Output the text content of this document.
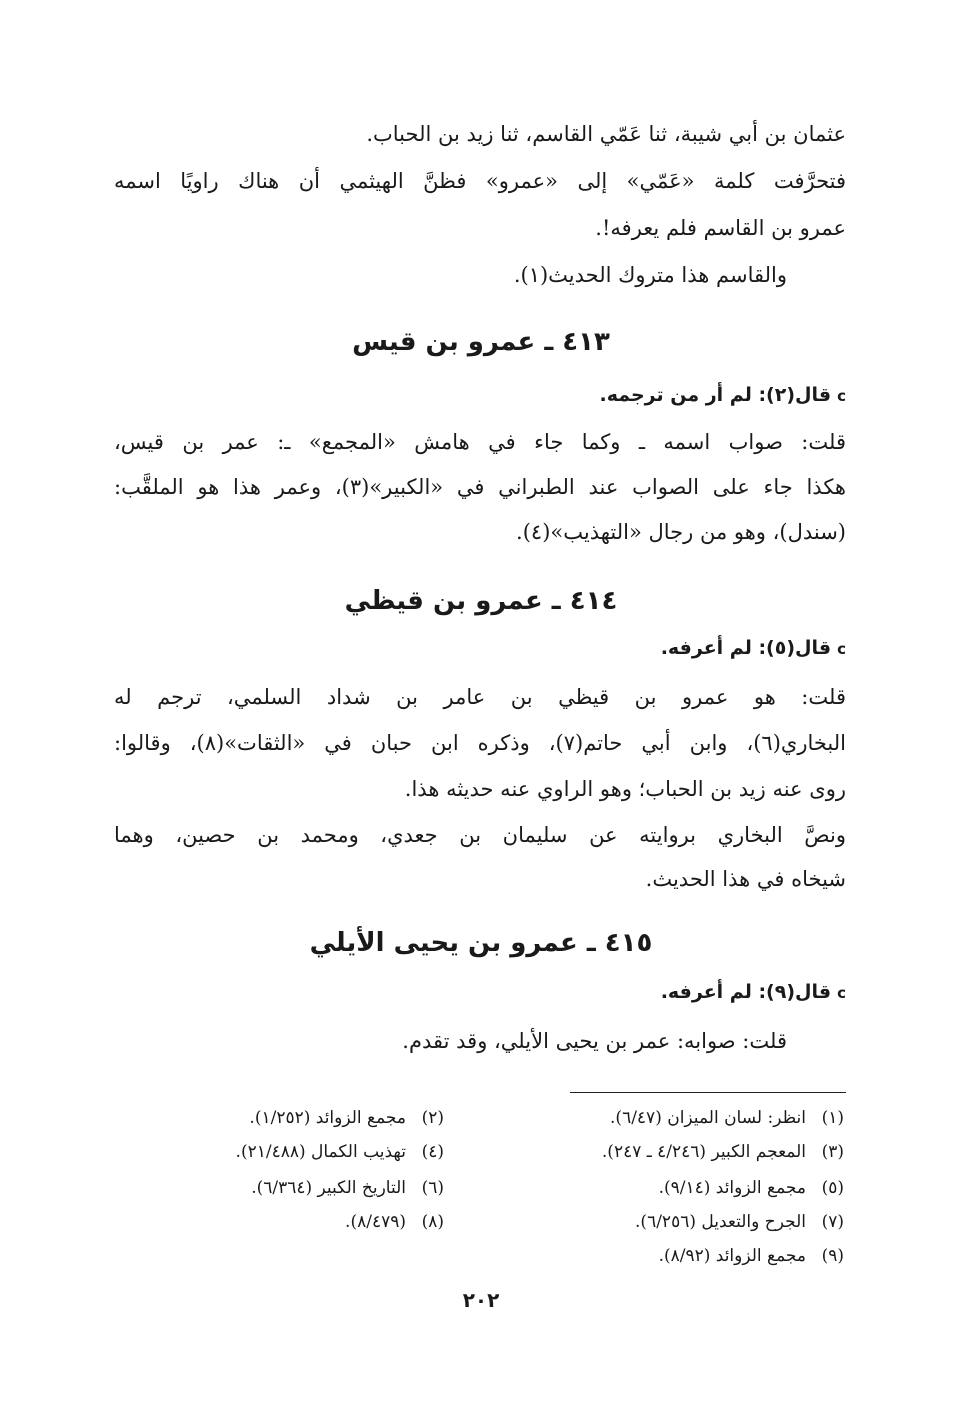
عثمان بن أبي شيبة، ثنا عَمّي القاسم، ثنا زيد بن الحباب.
فتحرَّفت كلمة «عَمّي» إلى «عمرو» فظنَّ الهيثمي أن هناك راويًا اسمه
عمرو بن القاسم فلم يعرفه!.
والقاسم هذا متروك الحديث(١).
٤١٣ ـ عمرو بن قيس
cقال(٢): لم أر من ترجمه.
قلت: صواب اسمه ـ وكما جاء في هامش «المجمع» ـ: عمر بن قيس،
هكذا جاء على الصواب عند الطبراني في «الكبير»(٣)، وعمر هذا هو الملقَّب:
(سندل)، وهو من رجال «التهذيب»(٤).
٤١٤ ـ عمرو بن قيظي
cقال(٥): لم أعرفه.
قلت: هو عمرو بن قيظي بن عامر بن شداد السلمي، ترجم له
البخاري(٦)، وابن أبي حاتم(٧)، وذكره ابن حبان في «الثقات»(٨)، وقالوا:
روى عنه زيد بن الحباب؛ وهو الراوي عنه حديثه هذا.
ونصَّ البخاري بروايته عن سليمان بن جعدي، ومحمد بن حصين، وهما
شيخاه في هذا الحديث.
٤١٥ ـ عمرو بن يحيى الأيلي
cقال(٩): لم أعرفه.
قلت: صوابه: عمر بن يحيى الأيلي، وقد تقدم.
(١)انظر: لسان الميزان (٦/٤٧).
(٣)المعجم الكبير (٤/٢٤٦ ـ ٢٤٧).
(٥)مجمع الزوائد (٩/١٤).
(٧)الجرح والتعديل (٦/٢٥٦).
(٩)مجمع الزوائد (٨/٩٢).
(٢)مجمع الزوائد (١/٢٥٢).
(٤)تهذيب الكمال (٢١/٤٨٨).
(٦)التاريخ الكبير (٦/٣٦٤).
(٨)(٨/٤٧٩).
٢٠٢
